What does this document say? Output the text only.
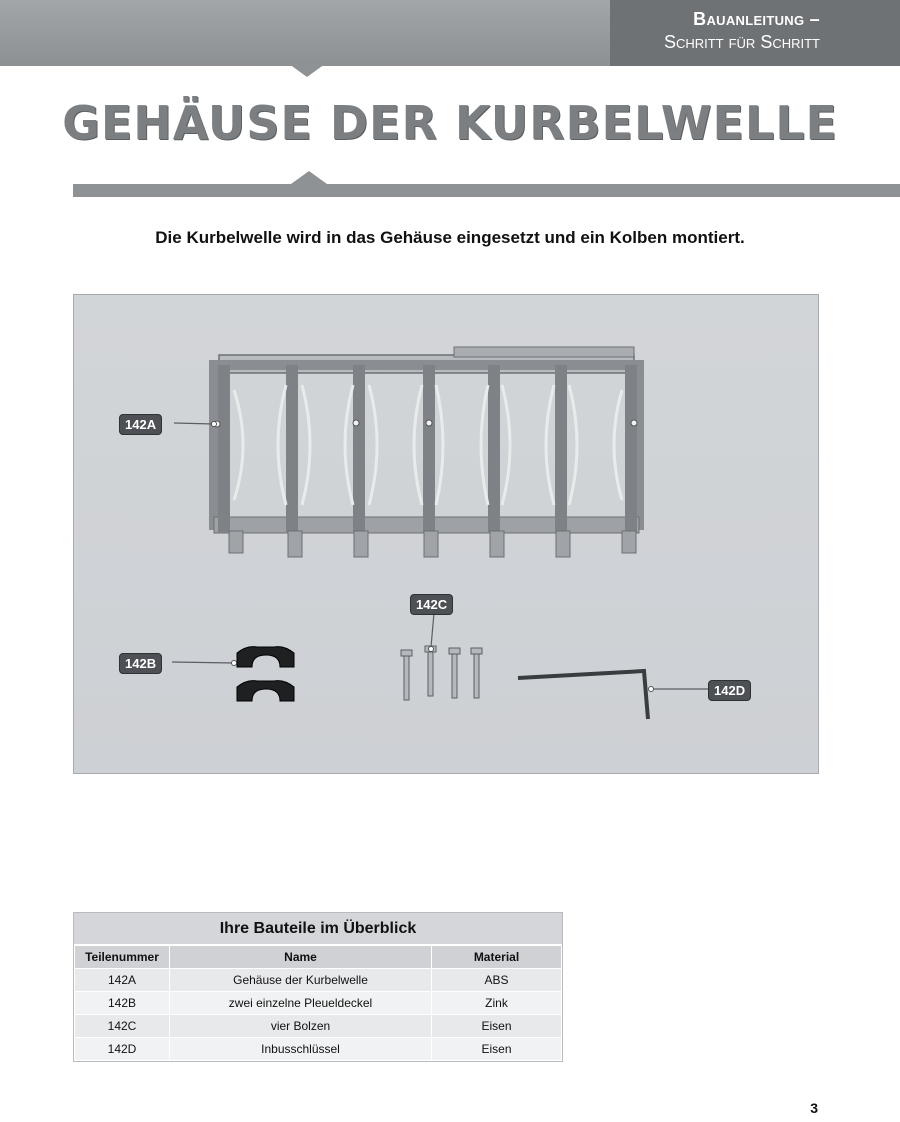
Bauanleitung –
Schritt für Schritt
GEHÄUSE DER KURBELWELLE
Die Kurbelwelle wird in das Gehäuse eingesetzt und ein Kolben montiert.
142A
142B
142C
142D
Ihre Bauteile im Überblick
Teilenummer	Name	Material
142A	Gehäuse der Kurbelwelle	ABS
142B	zwei einzelne Pleueldeckel	Zink
142C	vier Bolzen	Eisen
142D	Inbusschlüssel	Eisen
3
